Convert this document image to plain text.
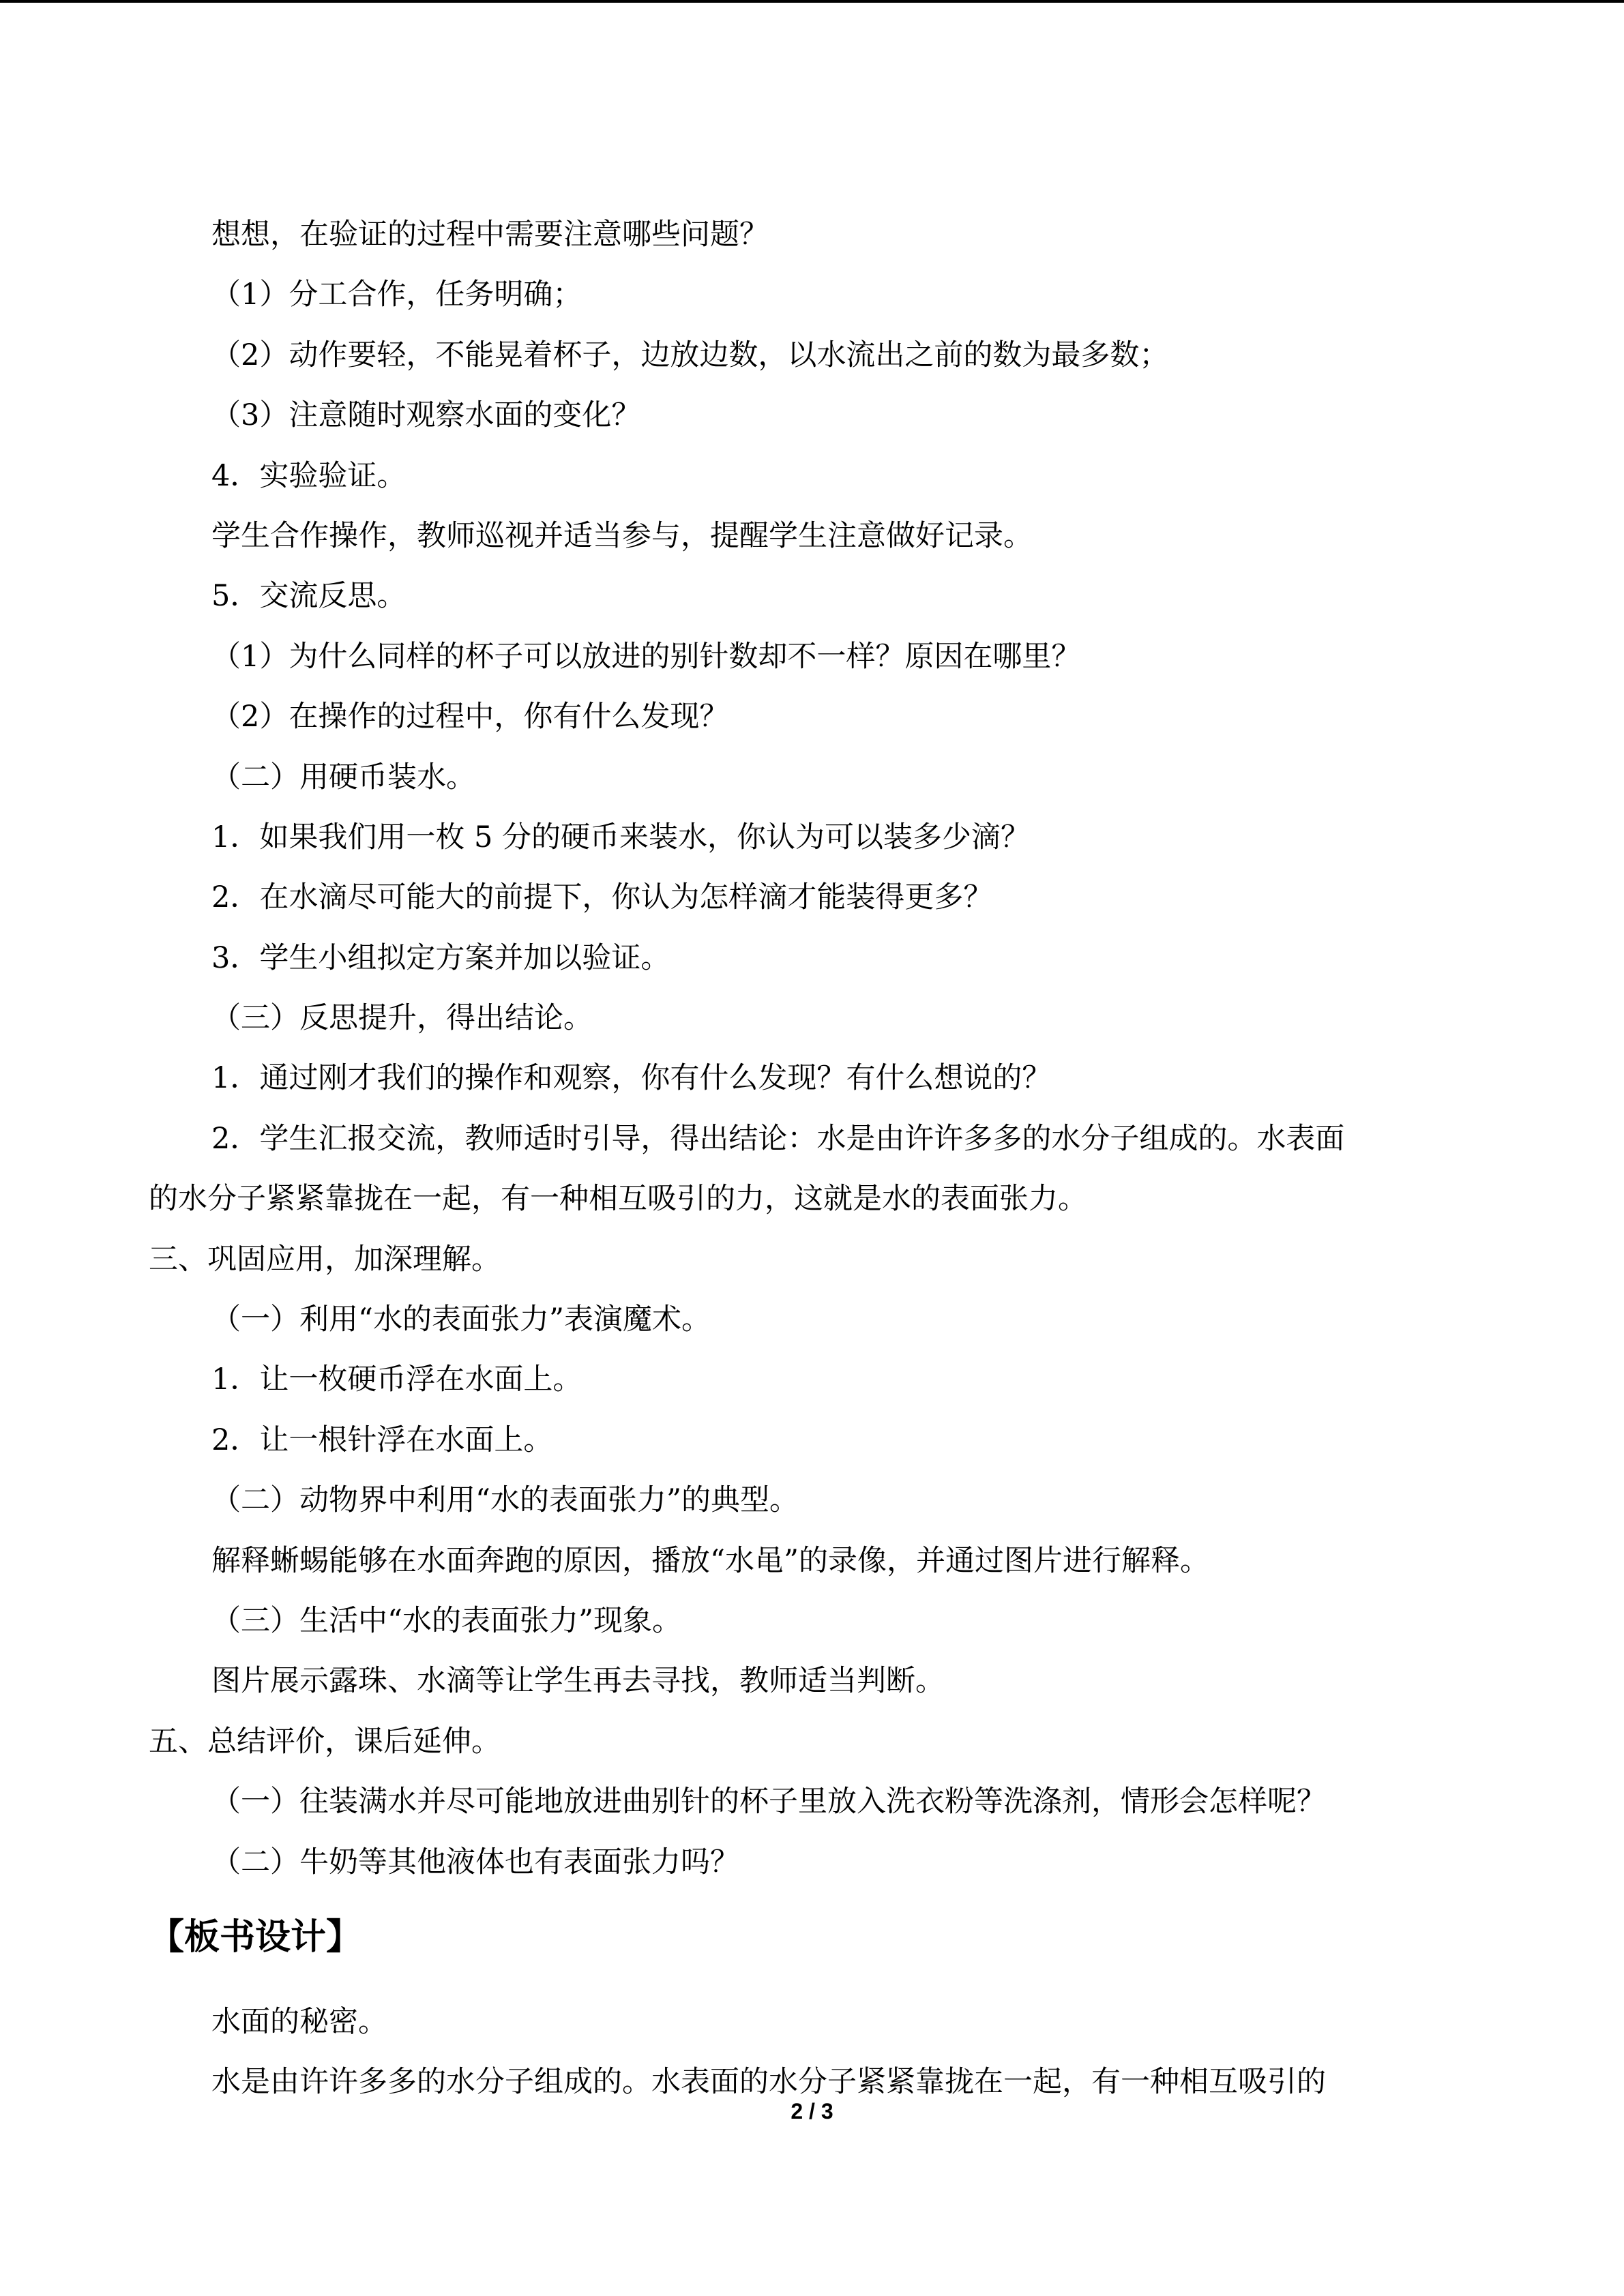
想想，在验证的过程中需要注意哪些问题？
（1）分工合作，任务明确；
（2）动作要轻，不能晃着杯子，边放边数，以水流出之前的数为最多数；
（3）注意随时观察水面的变化？
4．实验验证。
学生合作操作，教师巡视并适当参与，提醒学生注意做好记录。
5．交流反思。
（1）为什么同样的杯子可以放进的别针数却不一样？原因在哪里？
（2）在操作的过程中，你有什么发现？
（二）用硬币装水。
1．如果我们用一枚 5 分的硬币来装水，你认为可以装多少滴？
2．在水滴尽可能大的前提下，你认为怎样滴才能装得更多？
3．学生小组拟定方案并加以验证。
（三）反思提升，得出结论。
1．通过刚才我们的操作和观察，你有什么发现？有什么想说的？
2．学生汇报交流，教师适时引导，得出结论：水是由许许多多的水分子组成的。水表面
的水分子紧紧靠拢在一起，有一种相互吸引的力，这就是水的表面张力。
三、巩固应用，加深理解。
（一）利用“水的表面张力”表演魔术。
1．让一枚硬币浮在水面上。
2．让一根针浮在水面上。
（二）动物界中利用“水的表面张力”的典型。
解释蜥蜴能够在水面奔跑的原因，播放“水黾”的录像，并通过图片进行解释。
（三）生活中“水的表面张力”现象。
图片展示露珠、水滴等让学生再去寻找，教师适当判断。
五、总结评价，课后延伸。
（一）往装满水并尽可能地放进曲别针的杯子里放入洗衣粉等洗涤剂，情形会怎样呢？
（二）牛奶等其他液体也有表面张力吗？
【板书设计】
水面的秘密。
水是由许许多多的水分子组成的。水表面的水分子紧紧靠拢在一起，有一种相互吸引的
2 / 3
